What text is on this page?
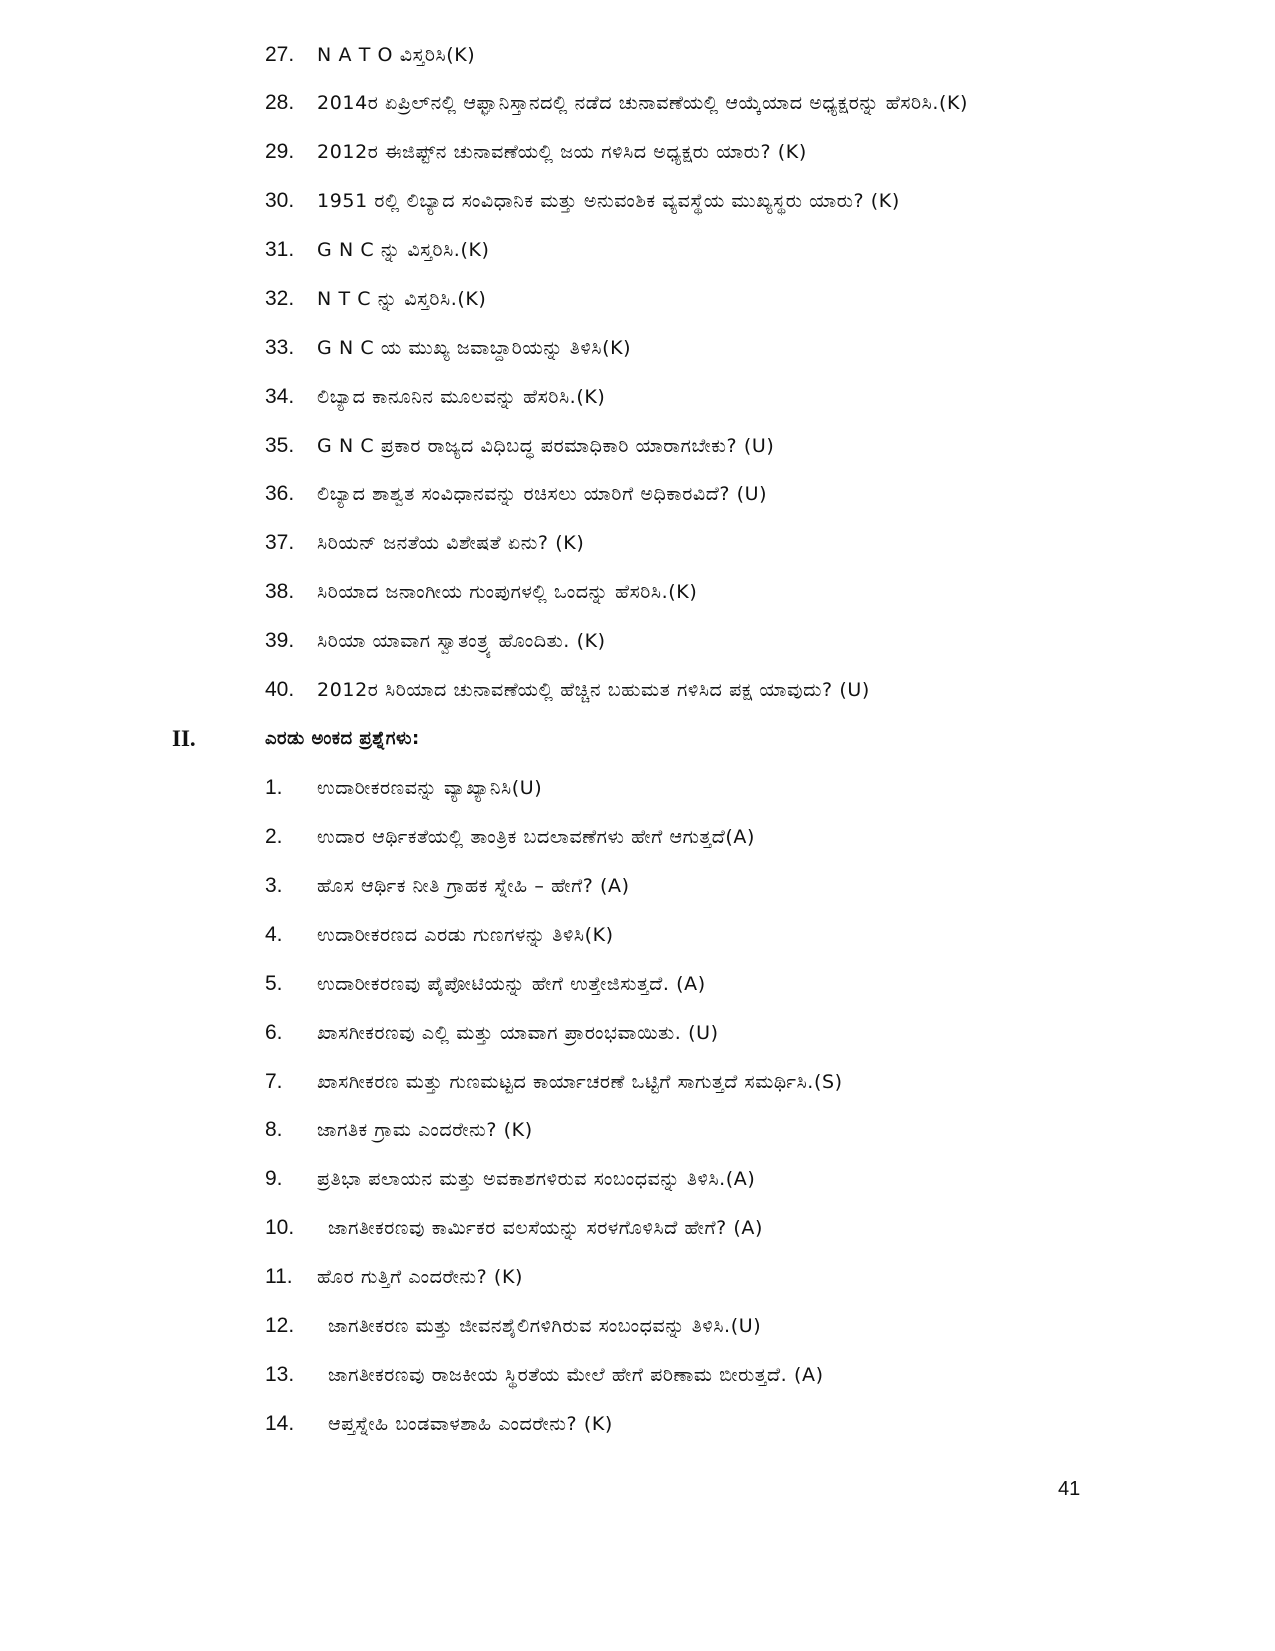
27. N A T O ವಿಸ್ತರಿಸಿ(K)
28. 2014ರ ಏಪ್ರಿಲ್‌ನಲ್ಲಿ ಆಫ್ಘಾನಿಸ್ತಾನದಲ್ಲಿ ನಡೆದ ಚುನಾವಣೆಯಲ್ಲಿ ಆಯ್ಕೆಯಾದ ಅಧ್ಯಕ್ಷರನ್ನು ಹೆಸರಿಸಿ.(K)
29. 2012ರ ಈಜಿಪ್ಟ್‌ನ ಚುನಾವಣೆಯಲ್ಲಿ ಜಯ ಗಳಿಸಿದ ಅಧ್ಯಕ್ಷರು ಯಾರು? (K)
30. 1951 ರಲ್ಲಿ ಲಿಬ್ಯಾದ ಸಂವಿಧಾನಿಕ ಮತ್ತು ಅನುವಂಶಿಕ ವ್ಯವಸ್ಥೆಯ ಮುಖ್ಯಸ್ಥರು ಯಾರು? (K)
31. G N C ನ್ನು ವಿಸ್ತರಿಸಿ.(K)
32. N T C ನ್ನು ವಿಸ್ತರಿಸಿ.(K)
33. G N C ಯ ಮುಖ್ಯ ಜವಾಬ್ದಾರಿಯನ್ನು ತಿಳಿಸಿ(K)
34. ಲಿಬ್ಯಾದ ಕಾನೂನಿನ ಮೂಲವನ್ನು ಹೆಸರಿಸಿ.(K)
35. G N C ಪ್ರಕಾರ ರಾಜ್ಯದ ವಿಧಿಬದ್ಧ ಪರಮಾಧಿಕಾರಿ ಯಾರಾಗಬೇಕು? (U)
36. ಲಿಬ್ಯಾದ ಶಾಶ್ವತ ಸಂವಿಧಾನವನ್ನು ರಚಿಸಲು ಯಾರಿಗೆ ಅಧಿಕಾರವಿದೆ? (U)
37. ಸಿರಿಯನ್ ಜನತೆಯ ವಿಶೇಷತೆ ಏನು? (K)
38. ಸಿರಿಯಾದ ಜನಾಂಗೀಯ ಗುಂಪುಗಳಲ್ಲಿ ಒಂದನ್ನು ಹೆಸರಿಸಿ.(K)
39. ಸಿರಿಯಾ ಯಾವಾಗ ಸ್ವಾತಂತ್ರ್ಯ ಹೊಂದಿತು. (K)
40. 2012ರ ಸಿರಿಯಾದ ಚುನಾವಣೆಯಲ್ಲಿ ಹೆಚ್ಚಿನ ಬಹುಮತ ಗಳಿಸಿದ ಪಕ್ಷ ಯಾವುದು? (U)
II.	ಎರಡು ಅಂಕದ ಪ್ರಶ್ನೆಗಳು:
1. ಉದಾರೀಕರಣವನ್ನು ವ್ಯಾಖ್ಯಾನಿಸಿ(U)
2. ಉದಾರ ಆರ್ಥಿಕತೆಯಲ್ಲಿ ತಾಂತ್ರಿಕ ಬದಲಾವಣೆಗಳು ಹೇಗೆ ಆಗುತ್ತದೆ(A)
3. ಹೊಸ ಆರ್ಥಿಕ ನೀತಿ ಗ್ರಾಹಕ ಸ್ನೇಹಿ – ಹೇಗೆ? (A)
4. ಉದಾರೀಕರಣದ ಎರಡು ಗುಣಗಳನ್ನು ತಿಳಿಸಿ(K)
5. ಉದಾರೀಕರಣವು ಪೈಪೋಟಿಯನ್ನು ಹೇಗೆ ಉತ್ತೇಜಿಸುತ್ತದೆ. (A)
6. ಖಾಸಗೀಕರಣವು ಎಲ್ಲಿ ಮತ್ತು ಯಾವಾಗ ಪ್ರಾರಂಭವಾಯಿತು. (U)
7. ಖಾಸಗೀಕರಣ ಮತ್ತು ಗುಣಮಟ್ಟದ ಕಾರ್ಯಾಚರಣೆ ಒಟ್ಟಿಗೆ ಸಾಗುತ್ತದೆ ಸಮರ್ಥಿಸಿ.(S)
8. ಜಾಗತಿಕ ಗ್ರಾಮ ಎಂದರೇನು? (K)
9. ಪ್ರತಿಭಾ ಪಲಾಯನ ಮತ್ತು ಅವಕಾಶಗಳಿರುವ ಸಂಬಂಧವನ್ನು ತಿಳಿಸಿ.(A)
10. ಜಾಗತೀಕರಣವು ಕಾರ್ಮಿಕರ ವಲಸೆಯನ್ನು ಸರಳಗೊಳಿಸಿದೆ ಹೇಗೆ? (A)
11. ಹೊರ ಗುತ್ತಿಗೆ ಎಂದರೇನು? (K)
12. ಜಾಗತೀಕರಣ ಮತ್ತು ಜೀವನಶೈಲಿಗಳಿಗಿರುವ ಸಂಬಂಧವನ್ನು ತಿಳಿಸಿ.(U)
13. ಜಾಗತೀಕರಣವು ರಾಜಕೀಯ ಸ್ಥಿರತೆಯ ಮೇಲೆ ಹೇಗೆ ಪರಿಣಾಮ ಬೀರುತ್ತದೆ. (A)
14. ಆಪ್ತಸ್ನೇಹಿ ಬಂಡವಾಳಶಾಹಿ ಎಂದರೇನು? (K)
41
